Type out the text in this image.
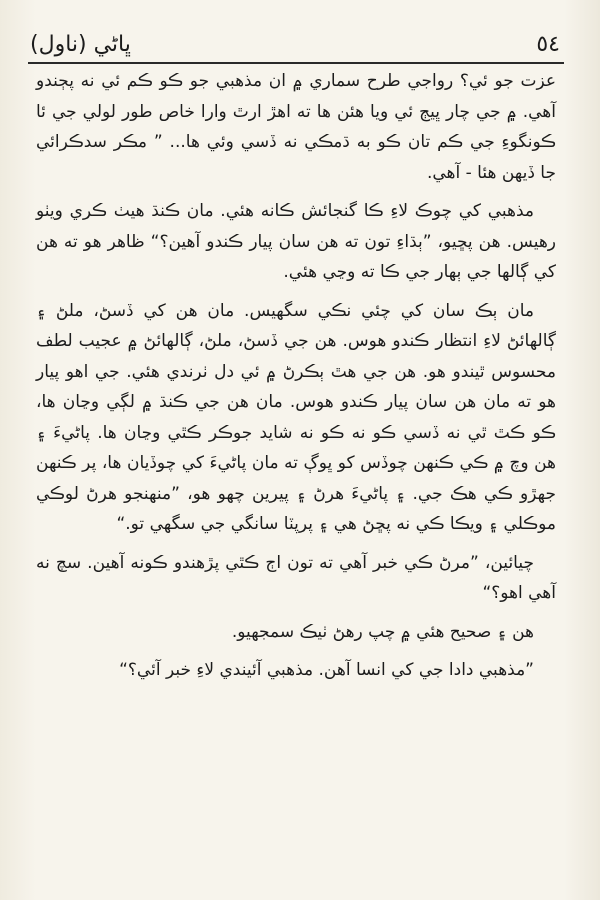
ڀاڻي (ناول)	٥٤

عزت جو ئي؟ رواجي طرح سماري ۾ ان مذهبي جو ڪو ڪم ئي نه پڄندو آهي. ۾ جي چار ڀيڄ ئي ويا هئن ها ته اهڙ ارٿ وارا خاص طور لولي جي ئا ڪونگوءِ جي ڪم تان ڪو به ڌمڪي نه ڏسي وئي ها... ” مڪر سدڪرائي جا ڏيهن هئا - آهي.

مذهبي کي چوڪ لاءِ ڪا گنجائش ڪانه هئي. مان ڪنڌ هيٺ ڪري ويٺو رهيس. هن پڇيو، ”ٻڌاءِ تون ته هن سان پيار ڪندو آهين؟“ ظاهر هو ته هن کي ڳالها جي ٻهار جي ڪا ته وڃي هئي.

مان ٻڪ سان کي چئي نڪي سگهيس. مان هن کي ڏسڻ، ملڻ ۽ ڳالهائڻ لاءِ انتظار ڪندو هوس. هن جي ڏسڻ، ملڻ، ڳالهائڻ ۾ عجيب لطف محسوس ٿيندو هو. هن جي هٿ ٻڪرڻ ۾ ئي دل ٺرندي هئي. جي اهو پيار هو ته مان هن سان پيار ڪندو هوس. مان هن جي ڪنڌ ۾ لڳي وڃان ها، ڪو ڪٿ ٿي نه ڏسي ڪو نه ڪو نه شايد جوڪر ڪٿي وڃان ها. پاڻيءَ ۽ هن وچ ۾ ڪي ڪنهن چوڏس کو ڀوڳ ته مان پاڻيءَ کي چوڏيان ها، پر ڪنهن جهڙو ڪي هڪ جي. ۽ پاڻيءَ هرڻ ۽ پيرين چهو هو، ”منهنجو هرڻ لوڪي موڪلي ۽ ويڪا ڪي نه پڇڻ هي ۽ پرپٽا سانگي جي سگهي تو.“

چيائين، ”مرڻ ڪي خبر آهي ته تون اڄ ڪٿي پڙهندو ڪونه آهين. سچ نه آهي اهو؟“

هن ۽ صحيح هئي ۾ چپ رهڻ ٺيڪ سمجهيو.

”مذهبي دادا جي کي انسا آهن. مذهبي آئيندي لاءِ خبر آئي؟“
